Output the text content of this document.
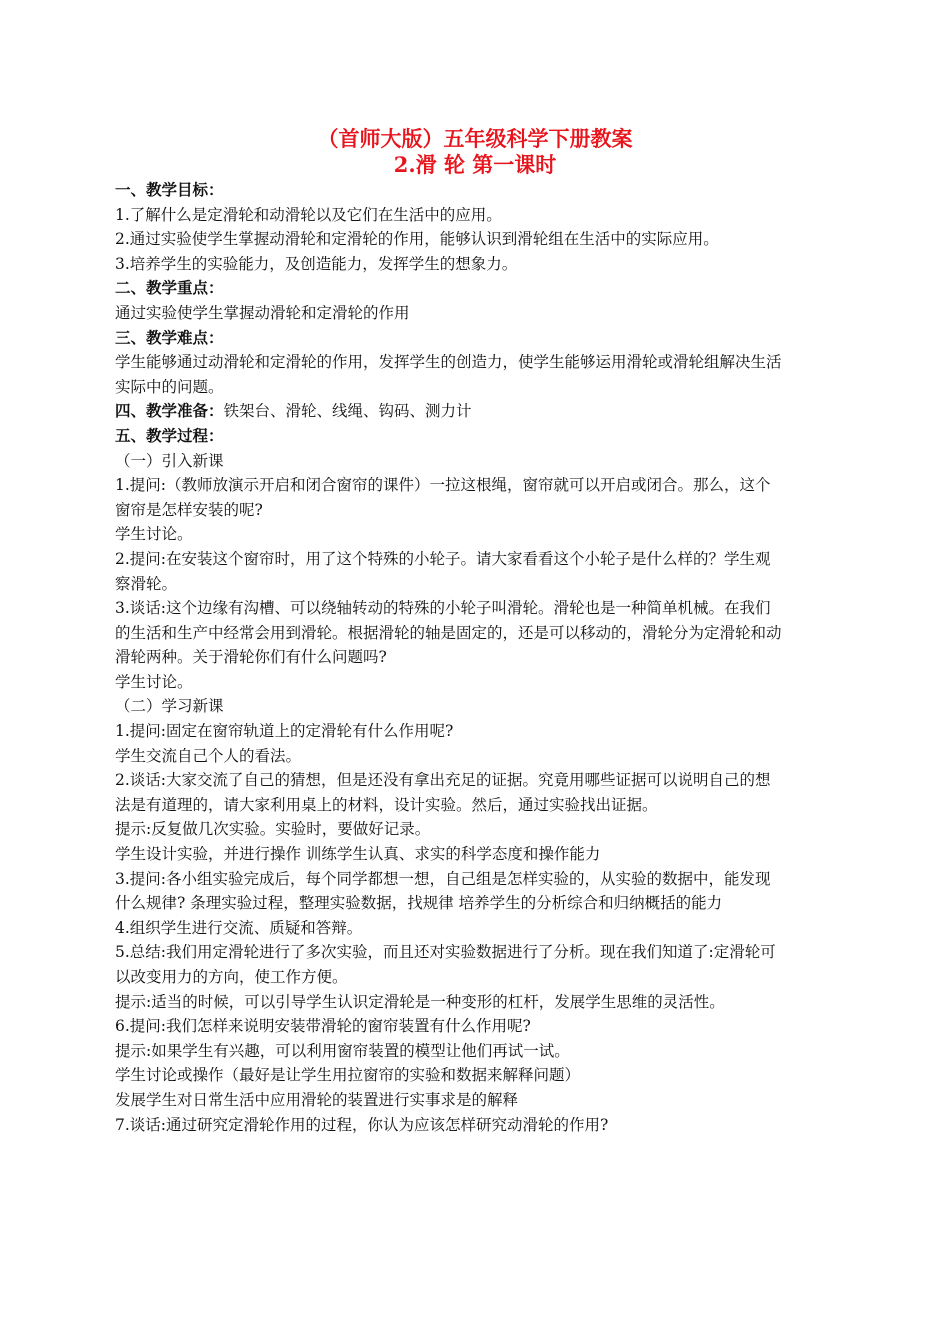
（首师大版）五年级科学下册教案
2.滑 轮 第一课时
一、教学目标：
1.了解什么是定滑轮和动滑轮以及它们在生活中的应用。
2.通过实验使学生掌握动滑轮和定滑轮的作用，能够认识到滑轮组在生活中的实际应用。
3.培养学生的实验能力，及创造能力，发挥学生的想象力。
二、教学重点：
通过实验使学生掌握动滑轮和定滑轮的作用
三、教学难点：
学生能够通过动滑轮和定滑轮的作用，发挥学生的创造力，使学生能够运用滑轮或滑轮组解决生活
实际中的问题。
四、教学准备：铁架台、滑轮、线绳、钩码、测力计
五、教学过程：
（一）引入新课
1.提问:（教师放演示开启和闭合窗帘的课件）一拉这根绳，窗帘就可以开启或闭合。那么，这个
窗帘是怎样安装的呢?
学生讨论。
2.提问:在安装这个窗帘时，用了这个特殊的小轮子。请大家看看这个小轮子是什么样的？学生观
察滑轮。
3.谈话:这个边缘有沟槽、可以绕轴转动的特殊的小轮子叫滑轮。滑轮也是一种简单机械。在我们
的生活和生产中经常会用到滑轮。根据滑轮的轴是固定的，还是可以移动的，滑轮分为定滑轮和动
滑轮两种。关于滑轮你们有什么问题吗?
学生讨论。
（二）学习新课
1.提问:固定在窗帘轨道上的定滑轮有什么作用呢?
学生交流自己个人的看法。
2.谈话:大家交流了自己的猜想，但是还没有拿出充足的证据。究竟用哪些证据可以说明自己的想
法是有道理的，请大家利用桌上的材料，设计实验。然后，通过实验找出证据。
提示:反复做几次实验。实验时，要做好记录。
学生设计实验，并进行操作 训练学生认真、求实的科学态度和操作能力
3.提问:各小组实验完成后，每个同学都想一想，自己组是怎样实验的，从实验的数据中，能发现
什么规律? 条理实验过程，整理实验数据，找规律 培养学生的分析综合和归纳概括的能力
4.组织学生进行交流、质疑和答辩。
5.总结:我们用定滑轮进行了多次实验，而且还对实验数据进行了分析。现在我们知道了:定滑轮可
以改变用力的方向，使工作方便。
提示:适当的时候，可以引导学生认识定滑轮是一种变形的杠杆，发展学生思维的灵活性。
6.提问:我们怎样来说明安装带滑轮的窗帘装置有什么作用呢?
提示:如果学生有兴趣，可以利用窗帘装置的模型让他们再试一试。
学生讨论或操作（最好是让学生用拉窗帘的实验和数据来解释问题）
发展学生对日常生活中应用滑轮的装置进行实事求是的解释
7.谈话:通过研究定滑轮作用的过程，你认为应该怎样研究动滑轮的作用?
